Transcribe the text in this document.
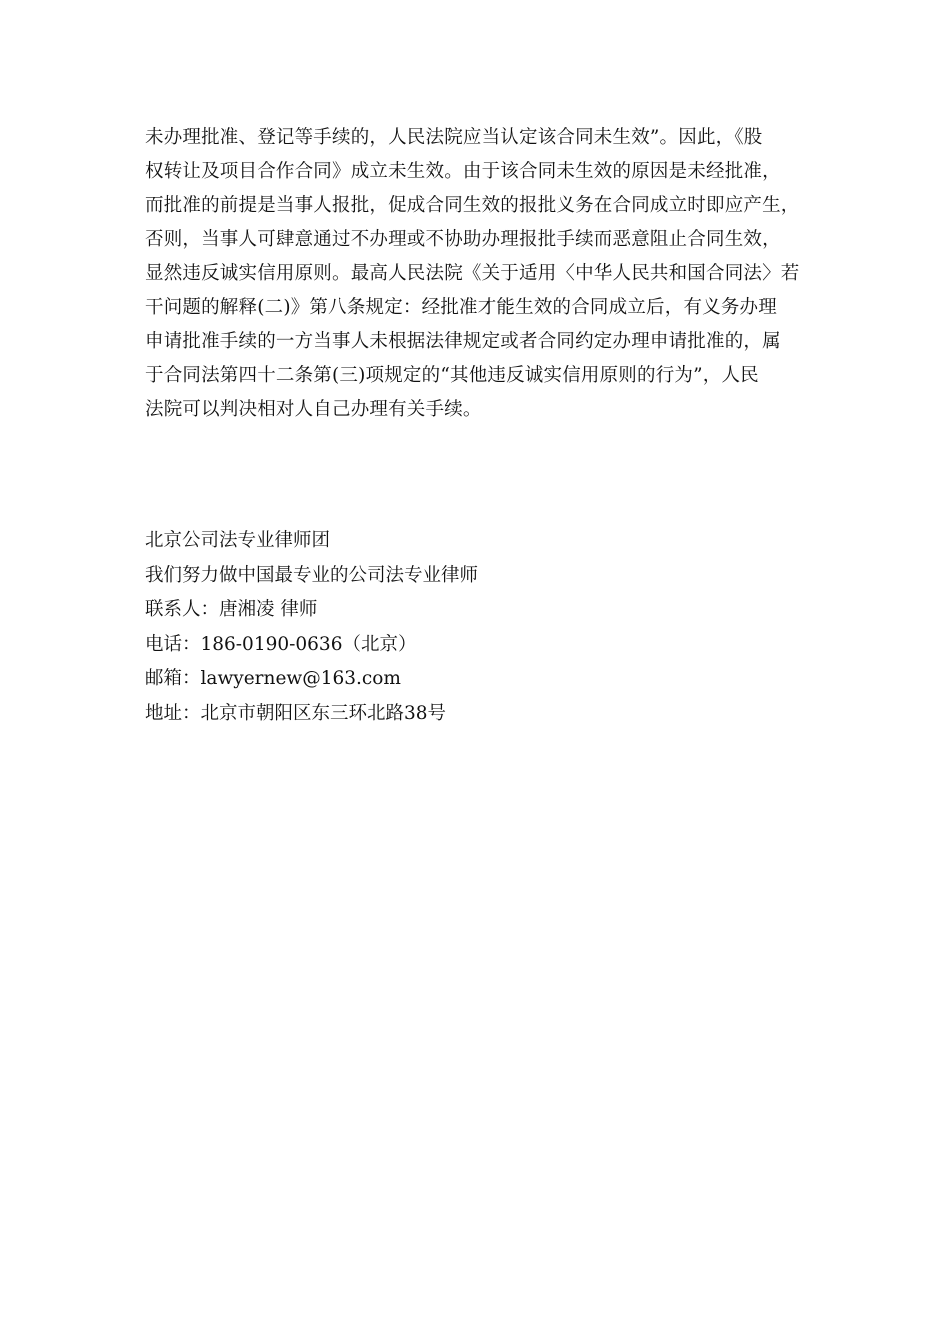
未办理批准、登记等手续的，人民法院应当认定该合同未生效”。因此，《股
权转让及项目合作合同》成立未生效。由于该合同未生效的原因是未经批准，
而批准的前提是当事人报批，促成合同生效的报批义务在合同成立时即应产生，
否则，当事人可肆意通过不办理或不协助办理报批手续而恶意阻止合同生效，
显然违反诚实信用原则。最高人民法院《关于适用〈中华人民共和国合同法〉若
干问题的解释(二)》第八条规定：经批准才能生效的合同成立后，有义务办理
申请批准手续的一方当事人未根据法律规定或者合同约定办理申请批准的，属
于合同法第四十二条第(三)项规定的“其他违反诚实信用原则的行为”，人民
法院可以判决相对人自己办理有关手续。
北京公司法专业律师团
我们努力做中国最专业的公司法专业律师
联系人：唐湘凌 律师
电话：186-0190-0636（北京）
邮箱：lawyernew@163.com
地址：北京市朝阳区东三环北路38号
